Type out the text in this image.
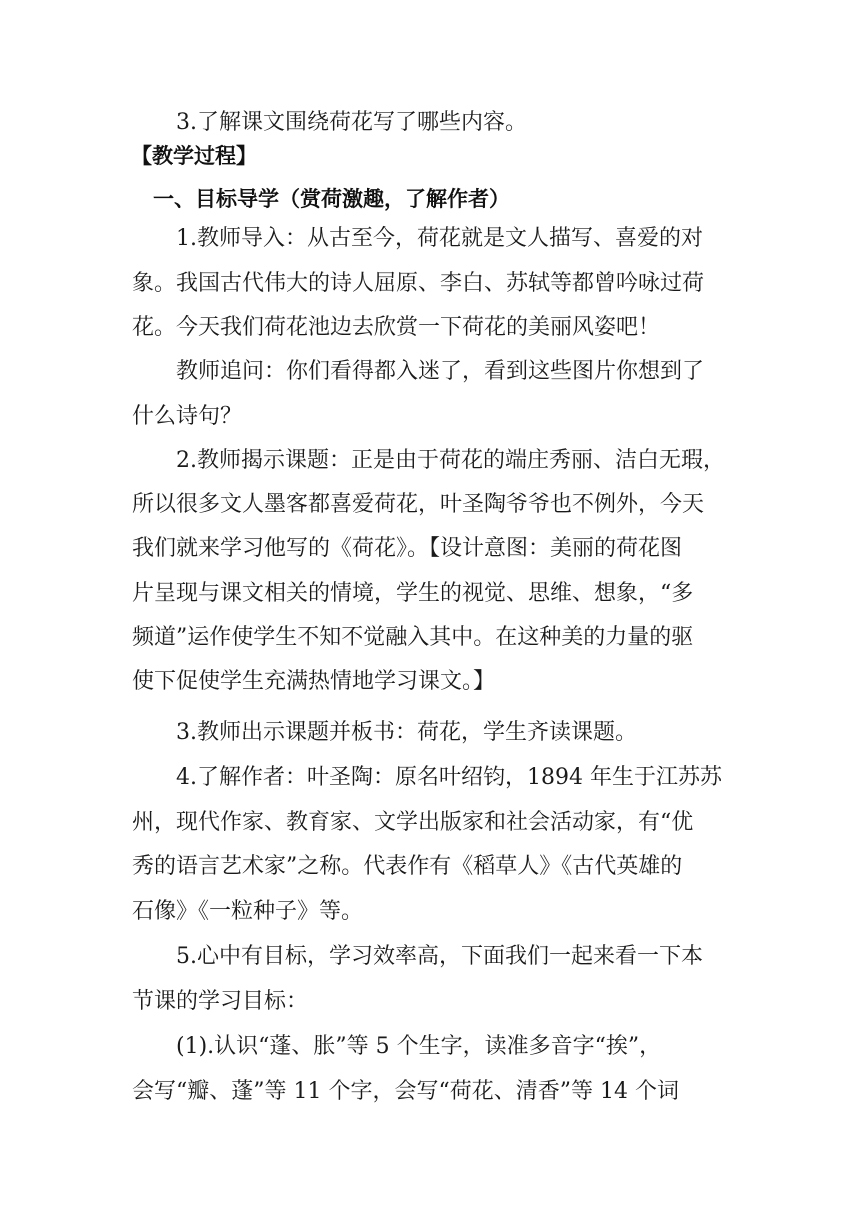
3.了解课文围绕荷花写了哪些内容。

【教学过程】

一、目标导学（赏荷激趣，了解作者）

1.教师导入：从古至今，荷花就是文人描写、喜爱的对

象。我国古代伟大的诗人屈原、李白、苏轼等都曾吟咏过荷

花。今天我们荷花池边去欣赏一下荷花的美丽风姿吧！

教师追问：你们看得都入迷了，看到这些图片你想到了

什么诗句？

2.教师揭示课题：正是由于荷花的端庄秀丽、洁白无瑕，

所以很多文人墨客都喜爱荷花，叶圣陶爷爷也不例外，今天

我们就来学习他写的《荷花》。【设计意图：美丽的荷花图

片呈现与课文相关的情境，学生的视觉、思维、想象，“多

频道”运作使学生不知不觉融入其中。在这种美的力量的驱

使下促使学生充满热情地学习课文。】

3.教师出示课题并板书：荷花，学生齐读课题。

4.了解作者：叶圣陶：原名叶绍钧，1894 年生于江苏苏

州，现代作家、教育家、文学出版家和社会活动家，有“优

秀的语言艺术家”之称。代表作有《稻草人》《古代英雄的

石像》《一粒种子》等。

5.心中有目标，学习效率高，下面我们一起来看一下本

节课的学习目标：

(1).认识“蓬、胀”等 5 个生字，读准多音字“挨”，

会写“瓣、蓬”等 11 个字，会写“荷花、清香”等 14 个词
